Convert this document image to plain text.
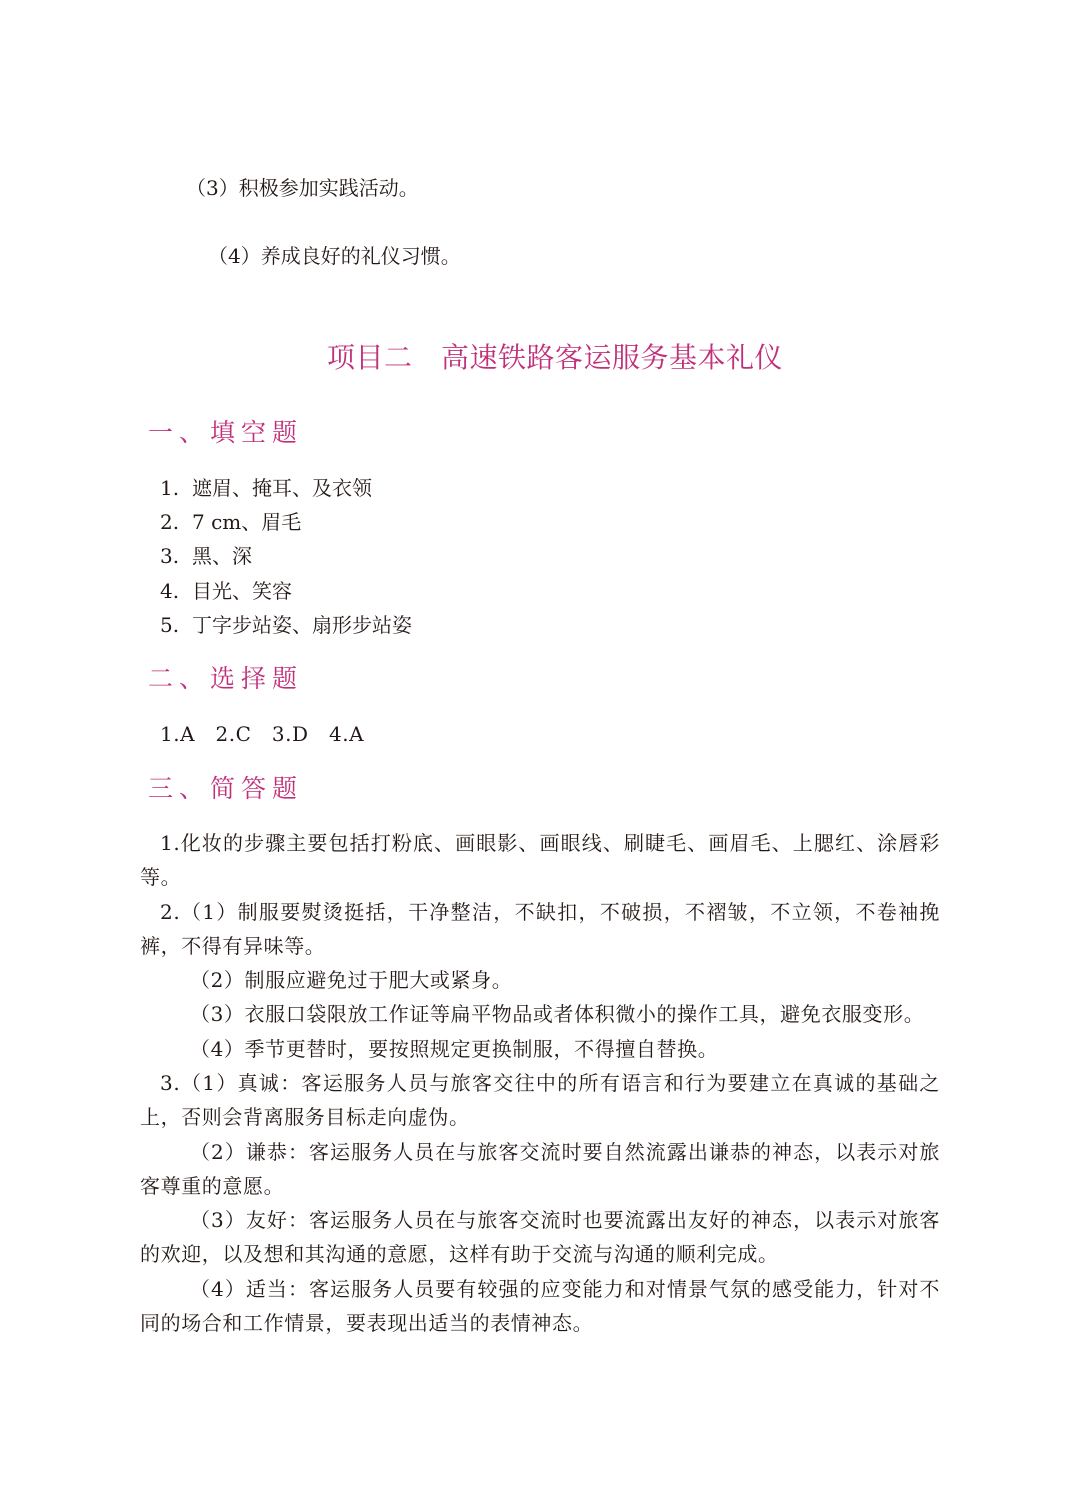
（3）积极参加实践活动。
（4）养成良好的礼仪习惯。
项目二　高速铁路客运服务基本礼仪
一、填空题
1. 遮眉、掩耳、及衣领
2. 7 cm、眉毛
3. 黑、深
4. 目光、笑容
5. 丁字步站姿、扇形步站姿
二、选择题
1.A　2.C　3.D　4.A
三、简答题
1.化妆的步骤主要包括打粉底、画眼影、画眼线、刷睫毛、画眉毛、上腮红、涂唇彩等。
2.（1）制服要熨烫挺括，干净整洁，不缺扣，不破损，不褶皱，不立领，不卷袖挽裤，不得有异味等。
（2）制服应避免过于肥大或紧身。
（3）衣服口袋限放工作证等扁平物品或者体积微小的操作工具，避免衣服变形。
（4）季节更替时，要按照规定更换制服，不得擅自替换。
3.（1）真诚：客运服务人员与旅客交往中的所有语言和行为要建立在真诚的基础之上，否则会背离服务目标走向虚伪。
（2）谦恭：客运服务人员在与旅客交流时要自然流露出谦恭的神态，以表示对旅客尊重的意愿。
（3）友好：客运服务人员在与旅客交流时也要流露出友好的神态，以表示对旅客的欢迎，以及想和其沟通的意愿，这样有助于交流与沟通的顺利完成。
（4）适当：客运服务人员要有较强的应变能力和对情景气氛的感受能力，针对不同的场合和工作情景，要表现出适当的表情神态。
